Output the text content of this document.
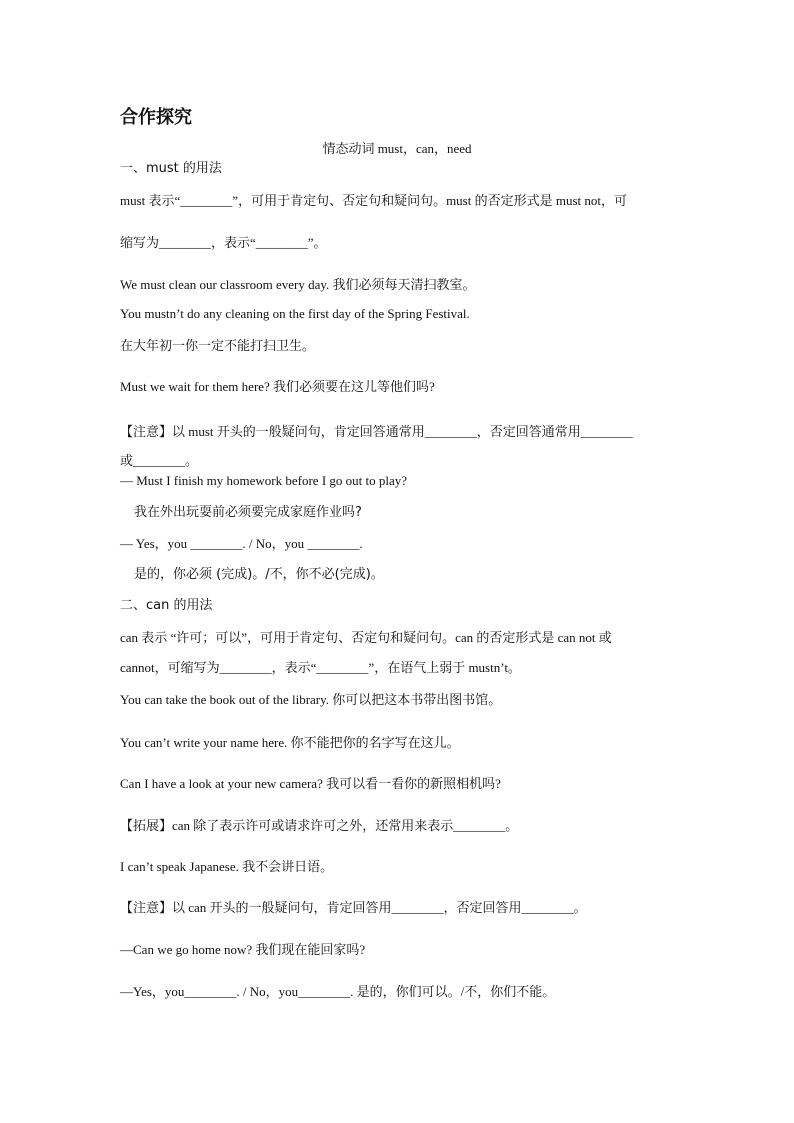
合作探究
情态动词 must，can，need
一、must 的用法
must 表示“________”，可用于肯定句、否定句和疑问句。must 的否定形式是 must not，可
缩写为________，表示“________”。
We must clean our classroom every day. 我们必须每天清扫教室。
You mustn’t do any cleaning on the first day of the Spring Festival.
在大年初一你一定不能打扫卫生。
Must we wait for them here? 我们必须要在这儿等他们吗?
【注意】以 must 开头的一般疑问句，肯定回答通常用________，否定回答通常用________
或________。
— Must I finish my homework before I go out to play?
我在外出玩耍前必须要完成家庭作业吗?
— Yes，you ________. / No，you ________.
是的，你必须 (完成)。/不，你不必(完成)。
二、can 的用法
can 表示 “许可；可以”，可用于肯定句、否定句和疑问句。can 的否定形式是 can not 或
cannot，可缩写为________，表示“________”，在语气上弱于 mustn’t。
You can take the book out of the library. 你可以把这本书带出图书馆。
You can’t write your name here. 你不能把你的名字写在这儿。
Can I have a look at your new camera? 我可以看一看你的新照相机吗?
【拓展】can 除了表示许可或请求许可之外，还常用来表示________。
I can’t speak Japanese. 我不会讲日语。
【注意】以 can 开头的一般疑问句，肯定回答用________，否定回答用________。
—Can we go home now? 我们现在能回家吗?
—Yes，you________. / No，you________. 是的，你们可以。/不，你们不能。
